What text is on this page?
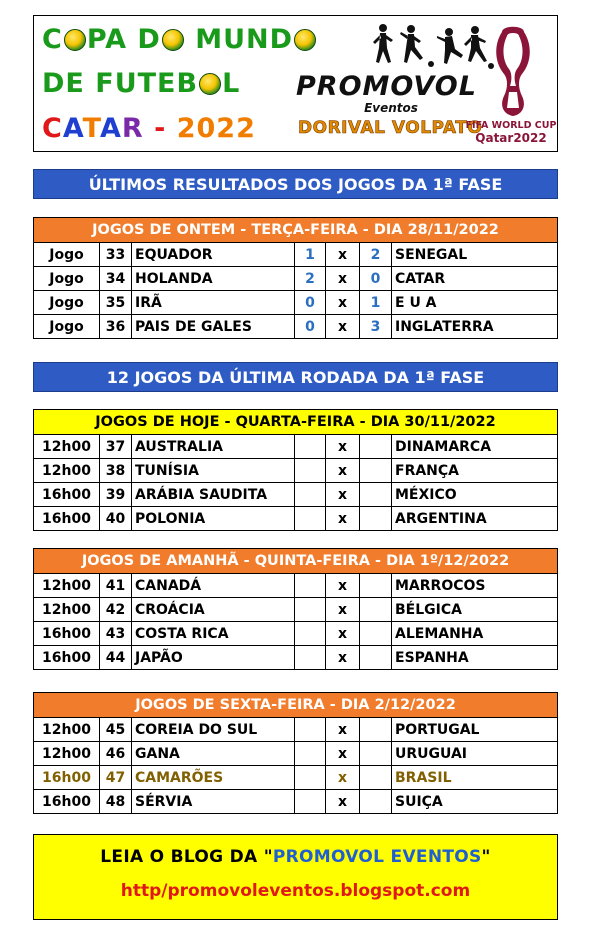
C PA D MUND
DE FUTEB L
CATAR - 2022
PROMOVOL
Eventos
DORIVAL VOLPATO
FIFA WORLD CUP
Qatar2022
ÚLTIMOS RESULTADOS DOS JOGOS DA 1ª FASE
JOGOS DE ONTEM - TERÇA-FEIRA - DIA 28/11/2022						
Jogo	33	EQUADOR	1	x	2	SENEGAL
Jogo	34	HOLANDA	2	x	0	CATAR
Jogo	35	IRÃ	0	x	1	E U A
Jogo	36	PAIS DE GALES	0	x	3	INGLATERRA
12 JOGOS DA ÚLTIMA RODADA DA 1ª FASE
JOGOS DE HOJE - QUARTA-FEIRA - DIA 30/11/2022						
12h00	37	AUSTRALIA		x		DINAMARCA
12h00	38	TUNÍSIA		x		FRANÇA
16h00	39	ARÁBIA SAUDITA		x		MÉXICO
16h00	40	POLONIA		x		ARGENTINA
JOGOS DE AMANHÃ - QUINTA-FEIRA - DIA 1º/12/2022						
12h00	41	CANADÁ		x		MARROCOS
12h00	42	CROÁCIA		x		BÉLGICA
16h00	43	COSTA RICA		x		ALEMANHA
16h00	44	JAPÃO		x		ESPANHA
JOGOS DE SEXTA-FEIRA - DIA 2/12/2022						
12h00	45	COREIA DO SUL		x		PORTUGAL
12h00	46	GANA		x		URUGUAI
16h00	47	CAMARÕES		x		BRASIL
16h00	48	SÉRVIA		x		SUIÇA
LEIA O BLOG DA "PROMOVOL EVENTOS"
http/promovoleventos.blogspot.com
